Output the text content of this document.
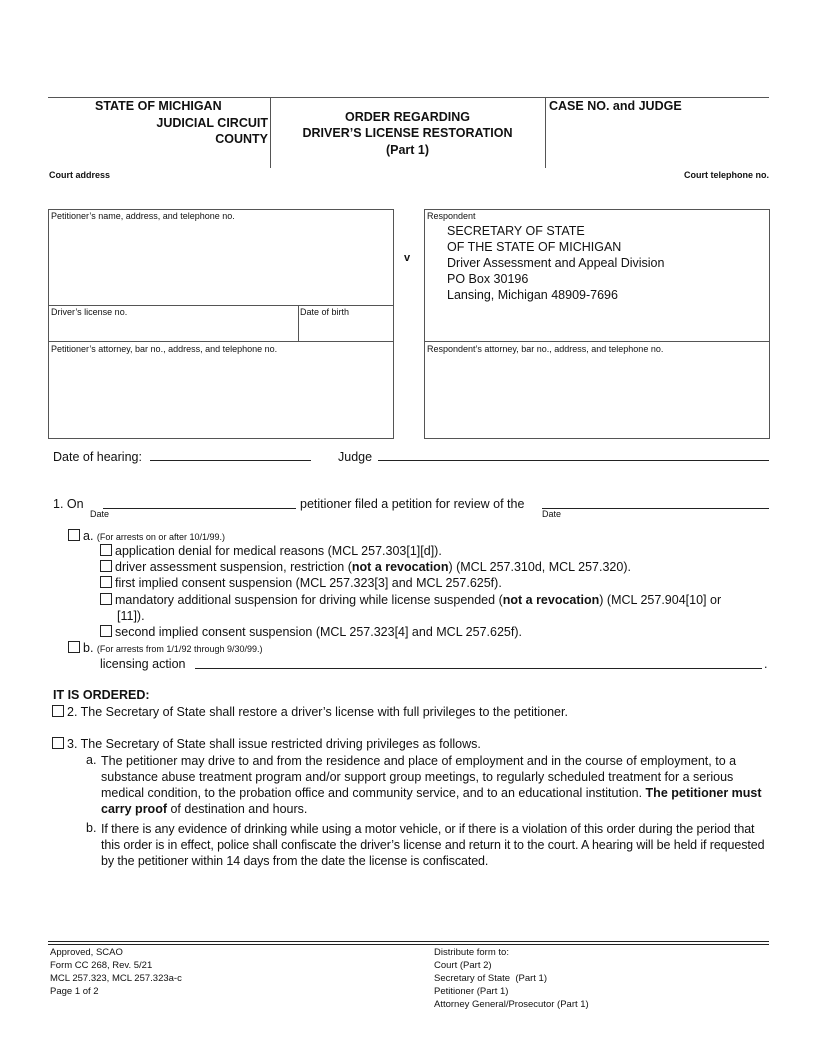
STATE OF MICHIGAN
JUDICIAL CIRCUIT
COUNTY
ORDER REGARDING
DRIVER’S LICENSE RESTORATION
(Part 1)
CASE NO. and JUDGE
Court address	Court telephone no.
Petitioner’s name, address, and telephone no.
Driver’s license no.	Date of birth
Petitioner’s attorney, bar no., address, and telephone no.
v
Respondent
SECRETARY OF STATE
OF THE STATE OF MICHIGAN
Driver Assessment and Appeal Division
PO Box 30196
Lansing, Michigan 48909-7696
Respondent’s attorney, bar no., address, and telephone no.
Date of hearing:	Judge
1. On
Date
petitioner filed a petition for review of the
Date
a. (For arrests on or after 10/1/99.)
application denial for medical reasons (MCL 257.303[1][d]).
driver assessment suspension, restriction (not a revocation) (MCL 257.310d, MCL 257.320).
first implied consent suspension (MCL 257.323[3] and MCL 257.625f).
mandatory additional suspension for driving while license suspended (not a revocation) (MCL 257.904[10] or
[11]).
second implied consent suspension (MCL 257.323[4] and MCL 257.625f).
b. (For arrests from 1/1/92 through 9/30/99.)
licensing action	.
IT IS ORDERED:
2. The Secretary of State shall restore a driver’s license with full privileges to the petitioner.
3. The Secretary of State shall issue restricted driving privileges as follows.
a. The petitioner may drive to and from the residence and place of employment and in the course of employment, to a substance abuse treatment program and/or support group meetings, to regularly scheduled treatment for a serious medical condition, to the probation office and community service, and to an educational institution. The petitioner must carry proof of destination and hours.
b. If there is any evidence of drinking while using a motor vehicle, or if there is a violation of this order during the period that this order is in effect, police shall confiscate the driver’s license and return it to the court. A hearing will be held if requested by the petitioner within 14 days from the date the license is confiscated.
Approved, SCAO
Form CC 268, Rev. 5/21
MCL 257.323, MCL 257.323a-c
Page 1 of 2
Distribute form to:
Court (Part 2)
Secretary of State  (Part 1)
Petitioner (Part 1)
Attorney General/Prosecutor (Part 1)
